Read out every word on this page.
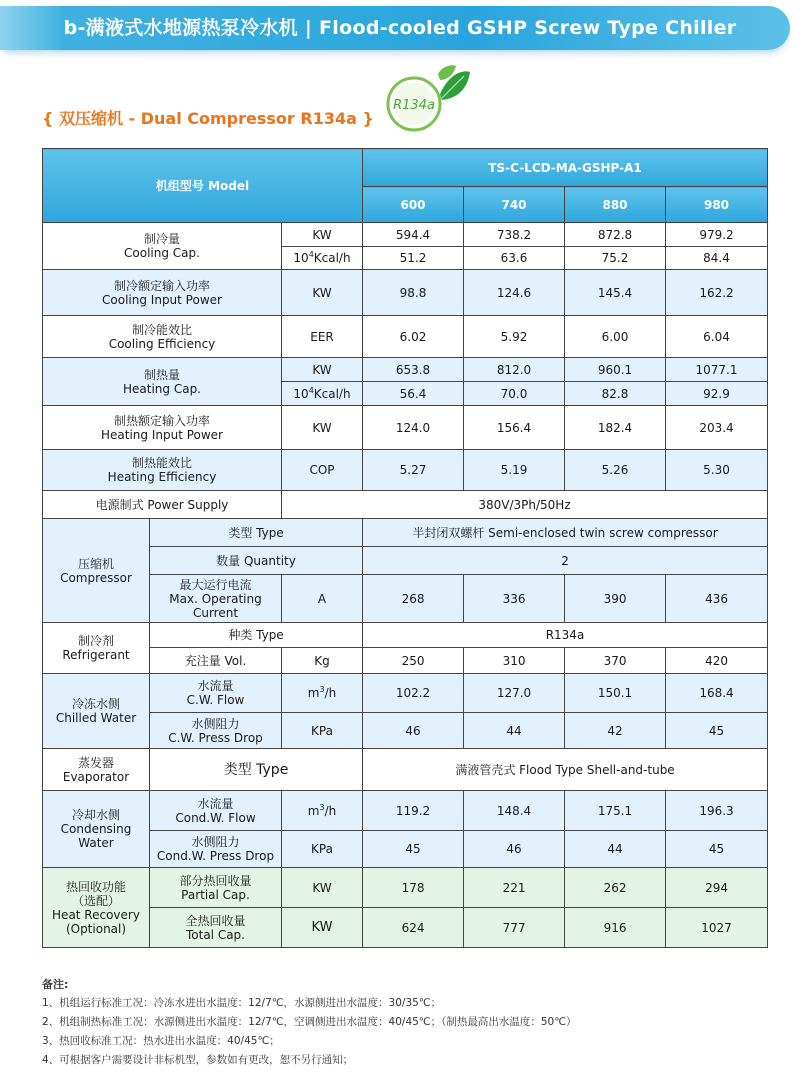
b-满液式水地源热泵冷水机 | Flood-cooled GSHP Screw Type Chiller
{ 双压缩机 - Dual Compressor R134a }
R134a
机组型号 Model			TS-C-LCD-MA-GSHP-A1			
			600	740	880	980
制冷量
Cooling Cap.		KW	594.4	738.2	872.8	979.2
		$10^4Kcal/h$	51.2	63.6	75.2	84.4
制冷额定输入功率
Cooling Input Power		KW	98.8	124.6	145.4	162.2
制冷能效比
Cooling Efficiency		EER	6.02	5.92	6.00	6.04
制热量
Heating Cap.		KW	653.8	812.0	960.1	1077.1
		$10^4Kcal/h$	56.4	70.0	82.8	92.9
制热额定输入功率
Heating Input Power		KW	124.0	156.4	182.4	203.4
制热能效比
Heating Efficiency		COP	5.27	5.19	5.26	5.30
电源制式 Power Supply		380V/3Ph/50Hz				
压缩机
Compressor	类型 Type		半封闭双螺杆 Semi-enclosed twin screw compressor			
	数量 Quantity		2			
	最大运行电流
Max. Operating
Current	A	268	336	390	436
制冷剂
Refrigerant	种类 Type		R134a			
	充注量 Vol.	Kg	250	310	370	420
冷冻水侧
Chilled Water	水流量
C.W. Flow	$m^3/h$	102.2	127.0	150.1	168.4
	水侧阻力
C.W. Press Drop	KPa	46	44	42	45
蒸发器
Evaporator	类型 Type		满液管壳式 Flood Type Shell-and-tube			
冷却水侧
Condensing
Water	水流量
Cond.W. Flow	$m^3/h$	119.2	148.4	175.1	196.3
	水侧阻力
Cond.W. Press Drop	KPa	45	46	44	45
热回收功能
（选配）
Heat Recovery
(Optional)	部分热回收量
Partial Cap.	KW	178	221	262	294
	全热回收量
Total Cap.	KW	624	777	916	1027
备注:
1、机组运行标准工况：冷冻水进出水温度：12/7℃，水源侧进出水温度：30/35℃；
2、机组制热标准工况：水源侧进出水温度：12/7℃，空调侧进出水温度：40/45℃；（制热最高出水温度：50℃）
3、热回收标准工况：热水进出水温度：40/45℃；
4、可根据客户需要设计非标机型，参数如有更改，恕不另行通知；
